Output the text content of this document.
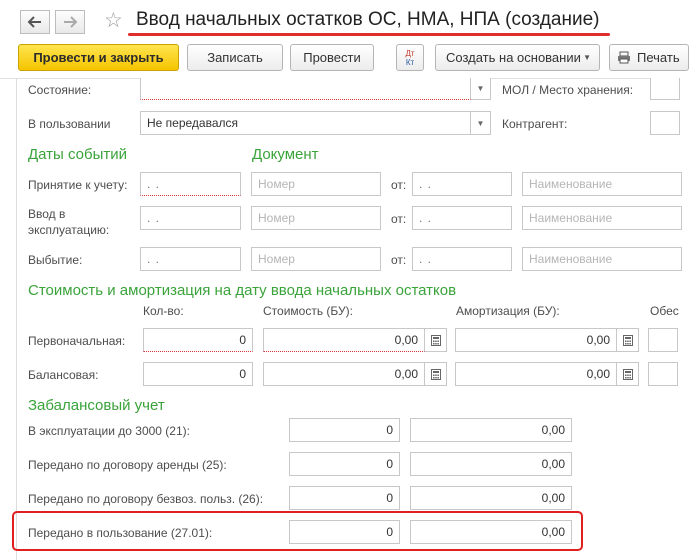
☆ Ввод начальных остатков ОС, НМА, НПА (создание)
Провести и закрыть	Записать	Провести	Дт
Кт Создать на основании ▼	Печать
Состояние:	▼ МОЛ / Место хранения:
В пользовании	Не передавался	▼ Контрагент:
Даты событий	Документ
Принятие к учету:	. .	Номер	от:	. .	Наименование
Ввод в
эксплуатацию:
. .	Номер	от:	. .	Наименование
Выбытие:	. .	Номер	от:	. .	Наименование
Стоимость и амортизация на дату ввода начальных остатков
Кол-во:	Стоимость (БУ):	Амортизация (БУ):	Обес
Первоначальная:	0	0,00	0,00
Балансовая:	0	0,00	0,00
Забалансовый учет
В эксплуатации до 3000 (21):	0	0,00
Передано по договору аренды (25):	0	0,00
Передано по договору безвоз. польз. (26):	0	0,00
Передано в пользование (27.01):	0	0,00
